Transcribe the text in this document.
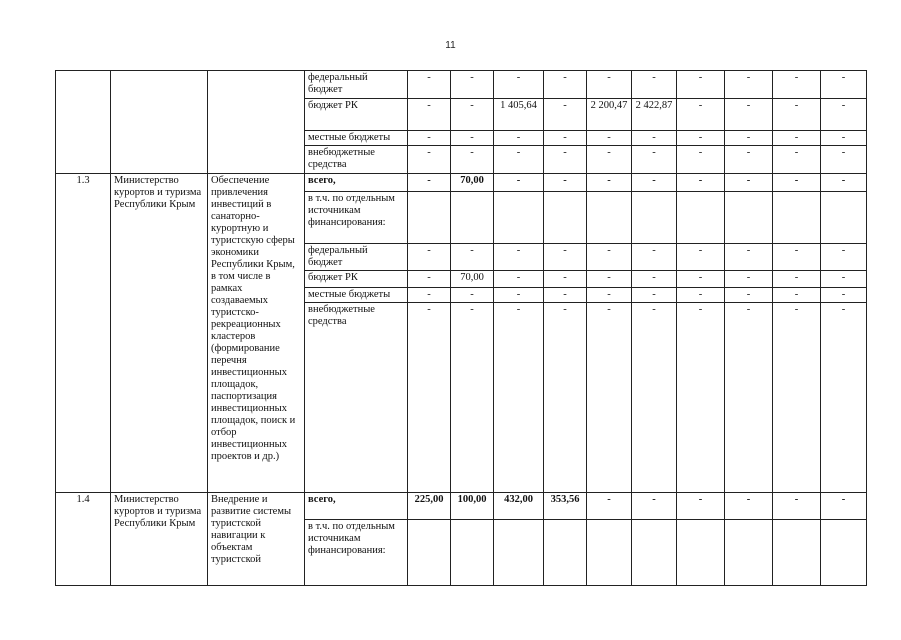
11
			федеральный бюджет	-	-	-	-	-	-	-	-	-	-	
			бюджет РК	-	-	1 405,64	-	2 200,47	2 422,87	-	-	-	-	
			местные бюджеты	-	-	-	-	-	-	-	-	-	-	
			внебюджетные средства	-	-	-	-	-	-	-	-	-	-	
1.3	Министерство курортов и туризма Республики Крым	Обеспечение привлечения инвестиций в санаторно-курортную и туристскую сферы экономики Республики Крым, в том числе в рамках создаваемых туристско-рекреационных кластеров (формирование перечня инвестиционных площадок, паспортизация инвестиционных площадок, поиск и отбор инвестиционных проектов и др.)	всего,	-	70,00	-	-	-	-	-	-	-	-	
			в т.ч. по отдельным источникам финансирования:											
			федеральный бюджет	-	-	-	-	-	-	-	-	-	-	
			бюджет РК	-	70,00	-	-	-	-	-	-	-	-	
			местные бюджеты	-	-	-	-	-	-	-	-	-	-	
			внебюджетные средства	-	-	-	-	-	-	-	-	-	-	
1.4	Министерство курортов и туризма Республики Крым	Внедрение и развитие системы туристской навигации к объектам туристской	всего,	225,00	100,00	432,00	353,56	-	-	-	-	-	-	
			в т.ч. по отдельным источникам финансирования:											
